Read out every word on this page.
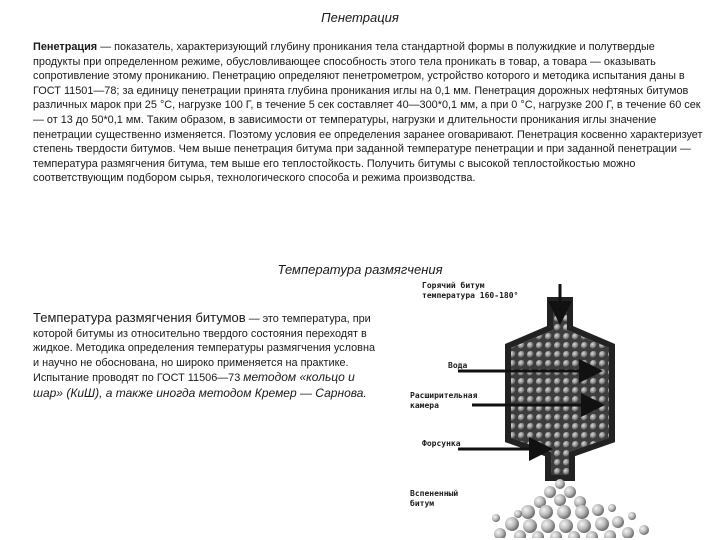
Пенетрация

Пенетрация — показатель, характеризующий глубину проникания тела стандартной формы в полужидкие и полутвердые продукты при определенном режиме, обусловливающее способность этого тела проникать в товар, а товара — оказывать сопротивление этому прониканию. Пенетрацию определяют пенетрометром, устройство которого и методика испытания даны в ГОСТ 11501—78; за единицу пенетрации принята глубина проникания иглы на 0,1 мм. Пенетрация дорожных нефтяных битумов различных марок при 25 °С, нагрузке 100 Г, в течение 5 сек составляет 40—300*0,1 мм, а при 0 °С, нагрузке 200 Г, в течение 60 сек— от 13 до 50*0,1 мм. Таким образом, в зависимости от температуры, нагрузки и длительности проникания иглы значение пенетрации существенно изменяется. Поэтому условия ее определения заранее оговаривают. Пенетрация косвенно характеризует степень твердости битумов. Чем выше пенетрация битума при заданной температуре пенетрации и при заданной пенетрации — температура размягчения битума, тем выше его теплостойкость. Получить битумы с высокой теплостойкостью можно соответствующим подбором сырья, технологического способа и режима производства.

Температура размягчения

Температура размягчения битумов — это температура, при которой битумы из относительно твердого состояния переходят в жидкое. Методика определения температуры размягчения условна и научно не обоснована, но широко применяется на практике. Испытание проводят по ГОСТ 11506—73 методом «кольцо и шар» (КиШ), а также иногда методом Кремер — Сарнова.

Горячий битум
температура 160-180°
Вода
Расширительная
камера
Форсунка
Вспененный
битум
